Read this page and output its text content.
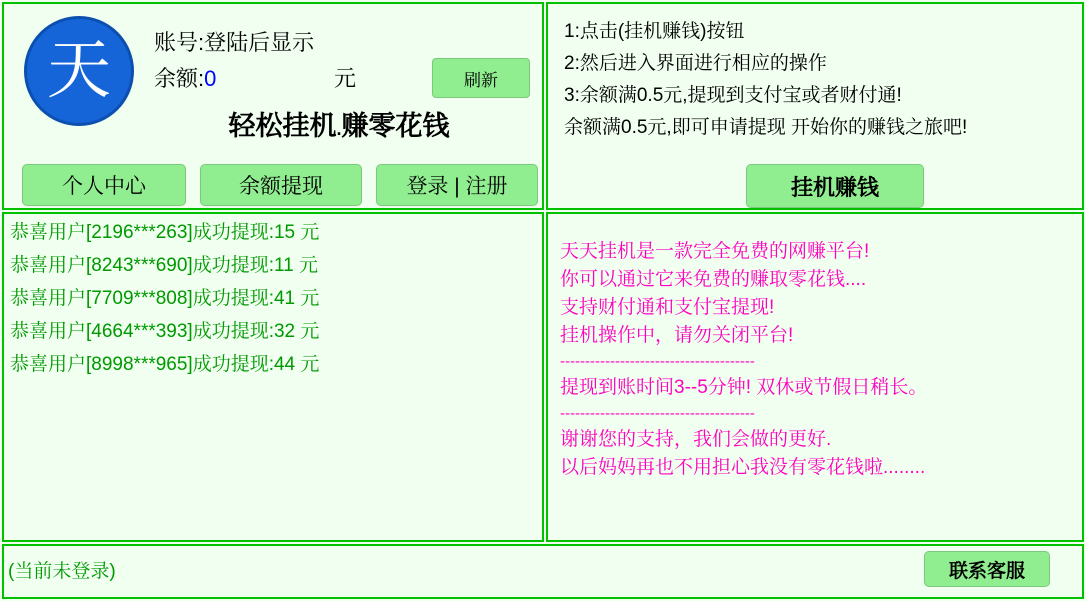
天	账号:登陆后显示
余额:0	元	刷新
轻松挂机.赚零花钱
个人中心	余额提现	登录 | 注册
1:点击(挂机赚钱)按钮
2:然后进入界面进行相应的操作
3:余额满0.5元,提现到支付宝或者财付通!
余额满0.5元,即可申请提现 开始你的赚钱之旅吧!
挂机赚钱
恭喜用户[2196***263]成功提现:15 元
恭喜用户[8243***690]成功提现:11 元
恭喜用户[7709***808]成功提现:41 元
恭喜用户[4664***393]成功提现:32 元
恭喜用户[8998***965]成功提现:44 元
天天挂机是一款完全免费的网赚平台!
你可以通过它来免费的赚取零花钱....
支持财付通和支付宝提现!
挂机操作中，请勿关闭平台!
---------------------------------------
提现到账时间3--5分钟! 双休或节假日稍长。
---------------------------------------
谢谢您的支持，我们会做的更好.
以后妈妈再也不用担心我没有零花钱啦........
(当前未登录)	联系客服
